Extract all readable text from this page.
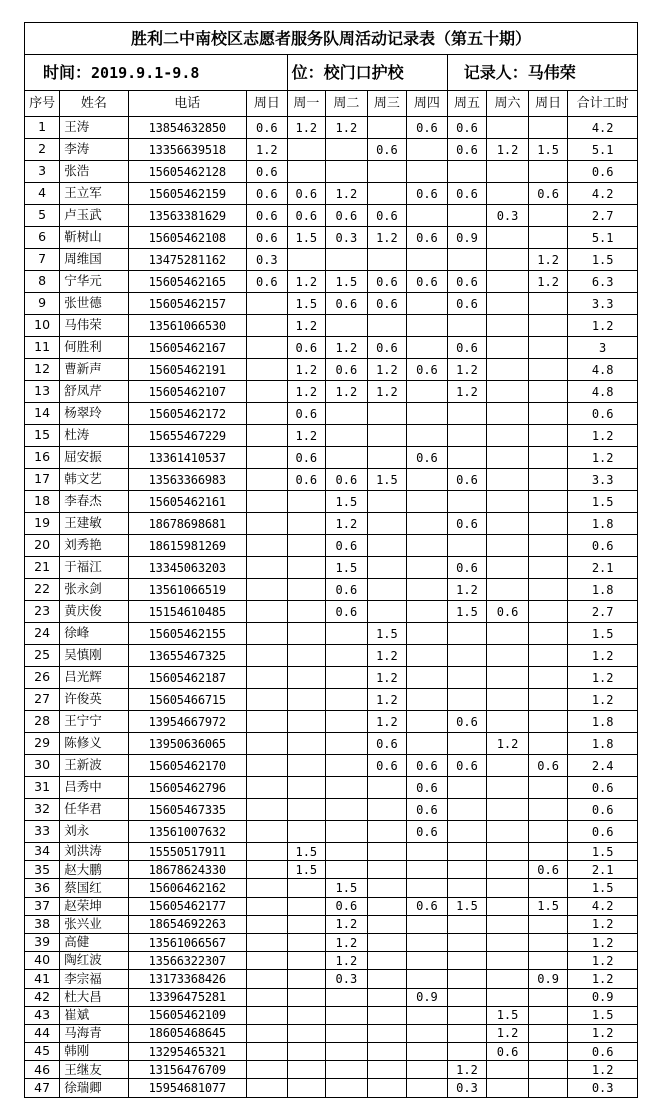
胜利二中南校区志愿者服务队周活动记录表（第五十期）											
时间：2019.9.1-9.8				位：校门口护校				记录人：马伟荣			
序号	姓名	电话	周日	周一	周二	周三	周四	周五	周六	周日	合计工时
1	王涛	13854632850	0.6	1.2	1.2		0.6	0.6			4.2
2	李涛	13356639518	1.2			0.6		0.6	1.2	1.5	5.1
3	张浩	15605462128	0.6								0.6
4	王立军	15605462159	0.6	0.6	1.2		0.6	0.6		0.6	4.2
5	卢玉武	13563381629	0.6	0.6	0.6	0.6			0.3		2.7
6	靳树山	15605462108	0.6	1.5	0.3	1.2	0.6	0.9			5.1
7	周维国	13475281162	0.3							1.2	1.5
8	宁华元	15605462165	0.6	1.2	1.5	0.6	0.6	0.6		1.2	6.3
9	张世德	15605462157		1.5	0.6	0.6		0.6			3.3
10	马伟荣	13561066530		1.2							1.2
11	何胜利	15605462167		0.6	1.2	0.6		0.6			3
12	曹新声	15605462191		1.2	0.6	1.2	0.6	1.2			4.8
13	舒凤芹	15605462107		1.2	1.2	1.2		1.2			4.8
14	杨翠玲	15605462172		0.6							0.6
15	杜涛	15655467229		1.2							1.2
16	屈安振	13361410537		0.6			0.6				1.2
17	韩文艺	13563366983		0.6	0.6	1.5		0.6			3.3
18	李春杰	15605462161			1.5						1.5
19	王建敏	18678698681			1.2			0.6			1.8
20	刘秀艳	18615981269			0.6						0.6
21	于福江	13345063203			1.5			0.6			2.1
22	张永剑	13561066519			0.6			1.2			1.8
23	黄庆俊	15154610485			0.6			1.5	0.6		2.7
24	徐峰	15605462155				1.5					1.5
25	吴慎刚	13655467325				1.2					1.2
26	吕光辉	15605462187				1.2					1.2
27	许俊英	15605466715				1.2					1.2
28	王宁宁	13954667972				1.2		0.6			1.8
29	陈修义	13950636065				0.6			1.2		1.8
30	王新波	15605462170				0.6	0.6	0.6		0.6	2.4
31	吕秀中	15605462796					0.6				0.6
32	任华君	15605467335					0.6				0.6
33	刘永	13561007632					0.6				0.6
34	刘洪涛	15550517911		1.5							1.5
35	赵大鹏	18678624330		1.5						0.6	2.1
36	蔡国红	15606462162			1.5						1.5
37	赵荣坤	15605462177			0.6		0.6	1.5		1.5	4.2
38	张兴业	18654692263			1.2						1.2
39	高健	13561066567			1.2						1.2
40	陶红波	13566322307			1.2						1.2
41	李宗福	13173368426			0.3					0.9	1.2
42	杜大昌	13396475281					0.9				0.9
43	崔斌	15605462109							1.5		1.5
44	马海青	18605468645							1.2		1.2
45	韩刚	13295465321							0.6		0.6
46	王继友	13156476709						1.2			1.2
47	徐瑞卿	15954681077						0.3			0.3
